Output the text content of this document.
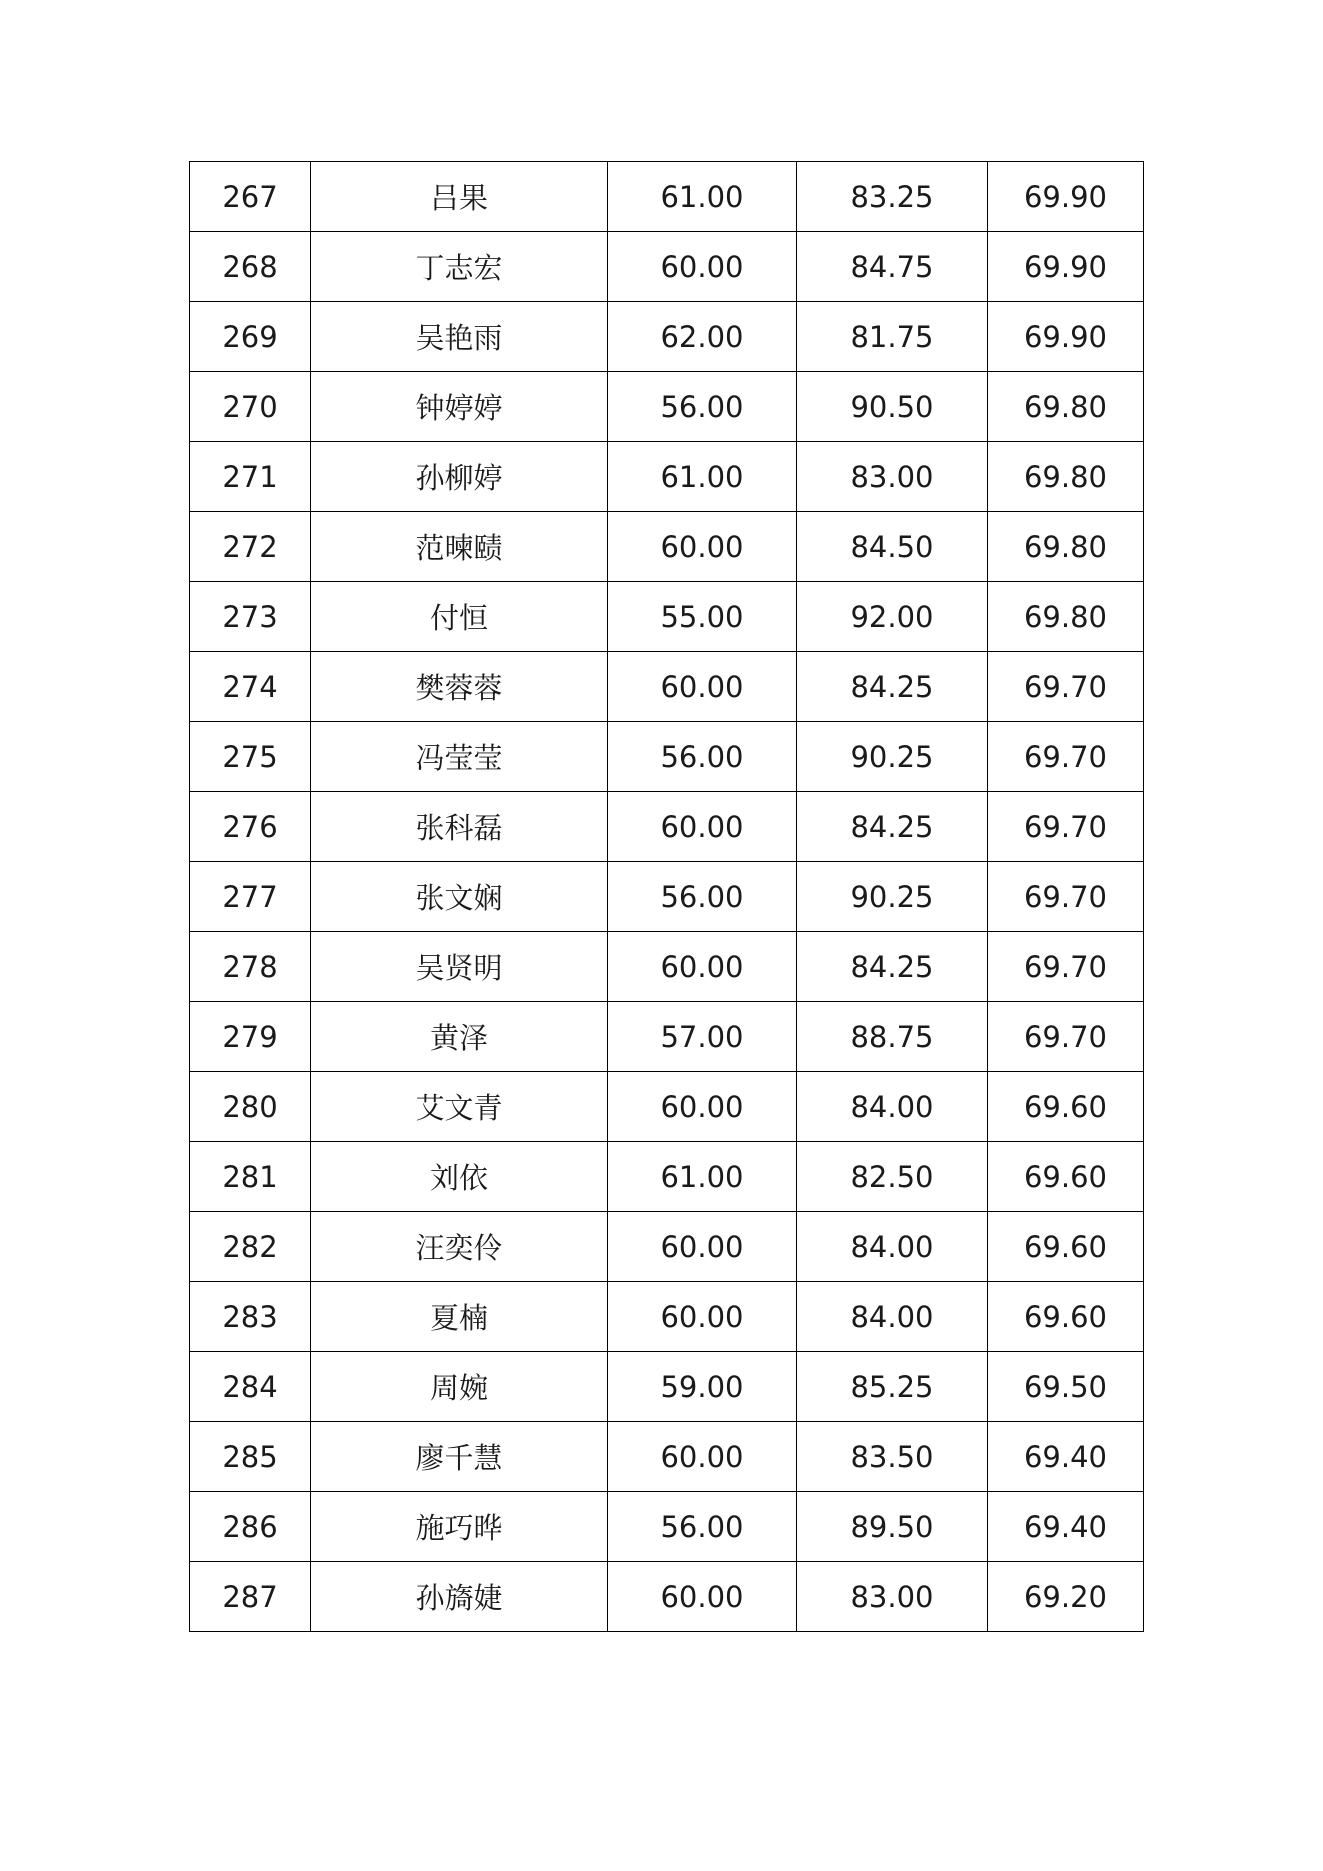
267	吕果	61.00	83.25	69.90
268	丁志宏	60.00	84.75	69.90
269	吴艳雨	62.00	81.75	69.90
270	钟婷婷	56.00	90.50	69.80
271	孙柳婷	61.00	83.00	69.80
272	范暕赜	60.00	84.50	69.80
273	付恒	55.00	92.00	69.80
274	樊蓉蓉	60.00	84.25	69.70
275	冯莹莹	56.00	90.25	69.70
276	张科磊	60.00	84.25	69.70
277	张文娴	56.00	90.25	69.70
278	吴贤明	60.00	84.25	69.70
279	黄泽	57.00	88.75	69.70
280	艾文青	60.00	84.00	69.60
281	刘依	61.00	82.50	69.60
282	汪奕伶	60.00	84.00	69.60
283	夏楠	60.00	84.00	69.60
284	周婉	59.00	85.25	69.50
285	廖千慧	60.00	83.50	69.40
286	施巧晔	56.00	89.50	69.40
287	孙旖婕	60.00	83.00	69.20
